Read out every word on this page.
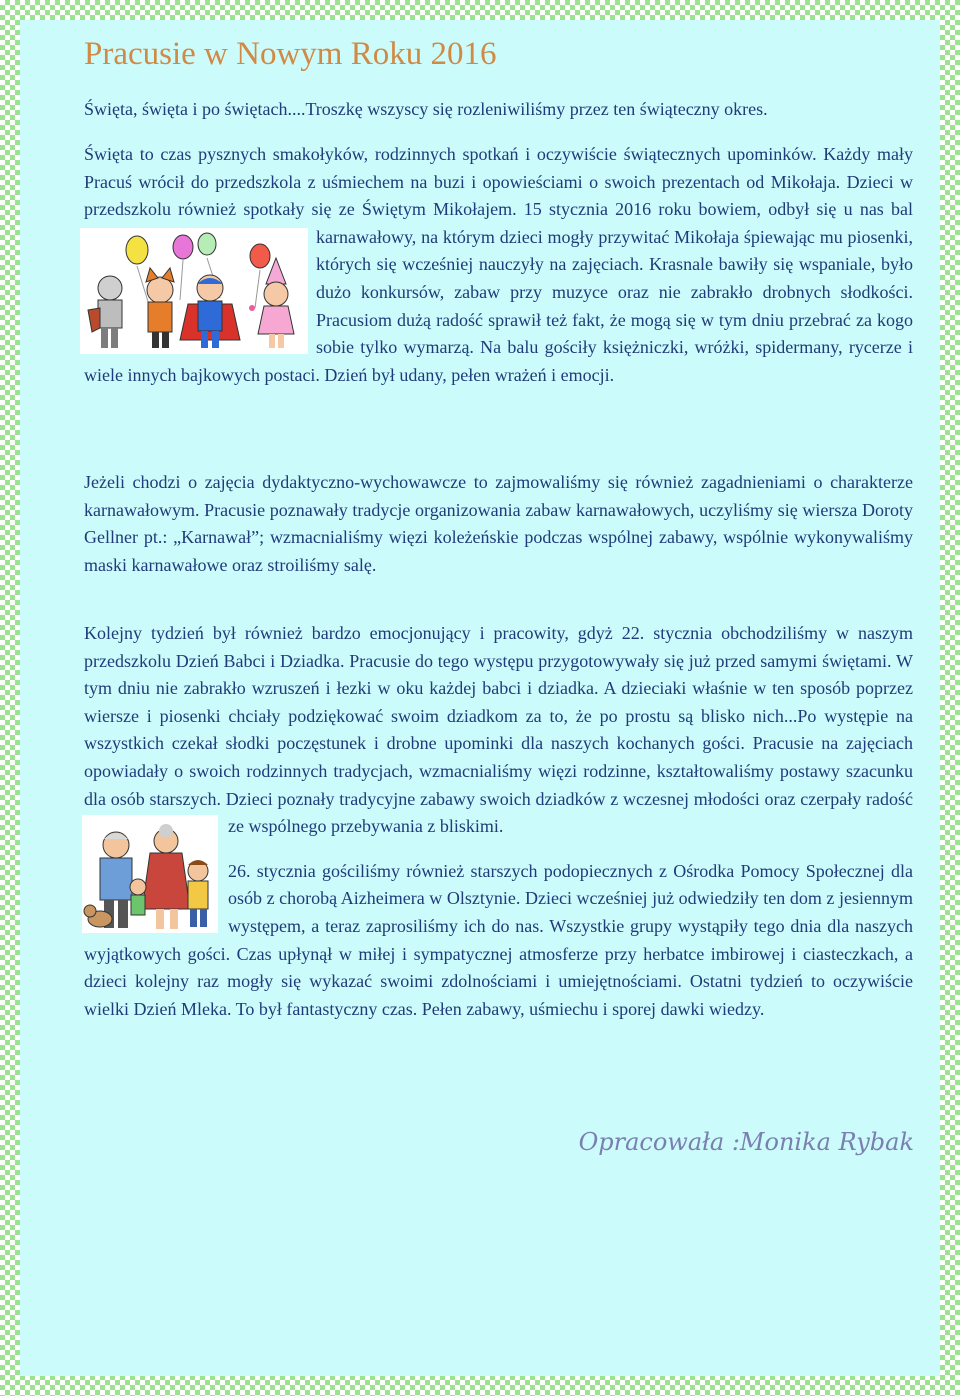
Pracusie w Nowym Roku 2016

Święta, święta i po świętach....Troszkę wszyscy się rozleniwiliśmy przez ten świąteczny okres.

Święta to czas pysznych smakołyków, rodzinnych spotkań i oczywiście świątecznych upominków. Każdy mały Pracuś wrócił do przedszkola z uśmiechem na buzi i opowieściami o swoich prezentach od Mikołaja. Dzieci w przedszkolu również spotkały się ze Świętym Mikołajem. 15 stycznia 2016 roku bowiem, odbył się u nas bal karnawałowy, na którym dzieci mogły przywitać Mikołaja śpiewając mu piosenki, których się wcześniej nauczyły na zajęciach. Krasnale bawiły się wspaniale, było dużo konkursów, zabaw przy muzyce oraz nie zabrakło drobnych słodkości. Pracusiom dużą radość sprawił też fakt, że mogą się w tym dniu przebrać za kogo sobie tylko wymarzą. Na balu gościły księżniczki, wróżki, spidermany, rycerze i wiele innych bajkowych postaci. Dzień był udany, pełen wrażeń i emocji.

Jeżeli chodzi o zajęcia dydaktyczno-wychowawcze to zajmowaliśmy się również zagadnieniami o charakterze karnawałowym. Pracusie poznawały tradycje organizowania zabaw karnawałowych, uczyliśmy się wiersza Doroty Gellner pt.: „Karnawał”; wzmacnialiśmy więzi koleżeńskie podczas wspólnej zabawy, wspólnie wykonywaliśmy maski karnawałowe oraz stroiliśmy salę.

Kolejny tydzień był również bardzo emocjonujący i pracowity, gdyż 22. stycznia obchodziliśmy w naszym przedszkolu Dzień Babci i Dziadka. Pracusie do tego występu przygotowywały się już przed samymi świętami. W tym dniu nie zabrakło wzruszeń i łezki w oku każdej babci i dziadka. A dzieciaki właśnie w ten sposób poprzez wiersze i piosenki chciały podziękować swoim dziadkom za to, że po prostu są blisko nich...Po występie na wszystkich czekał słodki poczęstunek i drobne upominki dla naszych kochanych gości. Pracusie na zajęciach opowiadały o swoich rodzinnych tradycjach, wzmacnialiśmy więzi rodzinne, kształtowaliśmy postawy szacunku dla osób starszych. Dzieci poznały tradycyjne zabawy swoich dziadków z wczesnej młodości oraz czerpały radość ze wspólnego przebywania z bliskimi.

26. stycznia gościliśmy również starszych podopiecznych z Ośrodka Pomocy Społecznej dla osób z chorobą Aizheimera w Olsztynie. Dzieci wcześniej już odwiedziły ten dom z jesiennym występem, a teraz zaprosiliśmy ich do nas. Wszystkie grupy wystąpiły tego dnia dla naszych wyjątkowych gości. Czas upłynął w miłej i sympatycznej atmosferze przy herbatce imbirowej i ciasteczkach, a dzieci kolejny raz mogły się wykazać swoimi zdolnościami i umiejętnościami. Ostatni tydzień to oczywiście wielki Dzień Mleka. To był fantastyczny czas. Pełen zabawy, uśmiechu i sporej dawki wiedzy.

Opracowała :Monika Rybak
